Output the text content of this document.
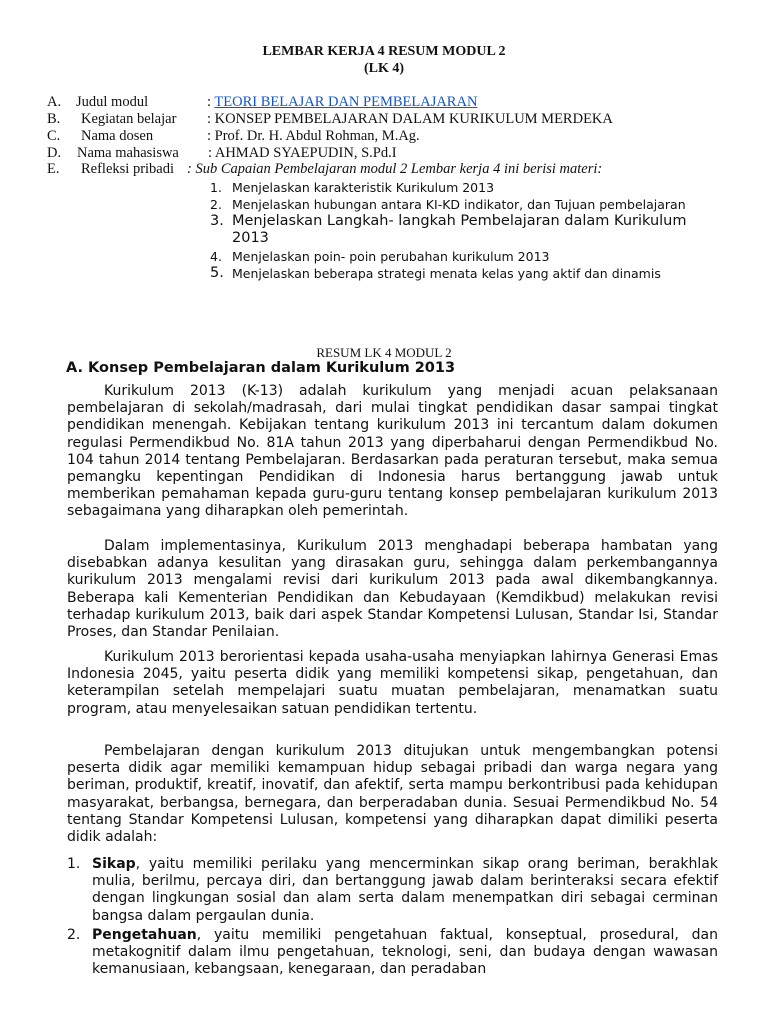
LEMBAR KERJA 4 RESUM MODUL 2
(LK 4)
A. Judul modul	: TEORI BELAJAR DAN PEMBELAJARAN
B. Kegiatan belajar : KONSEP PEMBELAJARAN DALAM KURIKULUM MERDEKA
C. Nama dosen	: Prof. Dr. H. Abdul Rohman, M.Ag.
D. Nama mahasiswa : AHMAD SYAEPUDIN, S.Pd.I
E. Refleksi pribadi : Sub Capaian Pembelajaran modul 2 Lembar kerja 4 ini berisi materi:
1. Menjelaskan karakteristik Kurikulum 2013
2. Menjelaskan hubungan antara KI-KD indikator, dan Tujuan pembelajaran
3. Menjelaskan Langkah- langkah Pembelajaran dalam Kurikulum 2013
4. Menjelaskan poin- poin perubahan kurikulum 2013
5. Menjelaskan beberapa strategi menata kelas yang aktif dan dinamis
RESUM LK 4 MODUL 2
A. Konsep Pembelajaran dalam Kurikulum 2013

Kurikulum 2013 (K-13) adalah kurikulum yang menjadi acuan pelaksanaan pembelajaran di sekolah/madrasah, dari mulai tingkat pendidikan dasar sampai tingkat pendidikan menengah. Kebijakan tentang kurikulum 2013 ini tercantum dalam dokumen regulasi Permendikbud No. 81A tahun 2013 yang diperbaharui dengan Permendikbud No. 104 tahun 2014 tentang Pembelajaran. Berdasarkan pada peraturan tersebut, maka semua pemangku kepentingan Pendidikan di Indonesia harus bertanggung jawab untuk memberikan pemahaman kepada guru-guru tentang konsep pembelajaran kurikulum 2013 sebagaimana yang diharapkan oleh pemerintah.

Dalam implementasinya, Kurikulum 2013 menghadapi beberapa hambatan yang disebabkan adanya kesulitan yang dirasakan guru, sehingga dalam perkembangannya kurikulum 2013 mengalami revisi dari kurikulum 2013 pada awal dikembangkannya. Beberapa kali Kementerian Pendidikan dan Kebudayaan (Kemdikbud) melakukan revisi terhadap kurikulum 2013, baik dari aspek Standar Kompetensi Lulusan, Standar Isi, Standar Proses, dan Standar Penilaian.

Kurikulum 2013 berorientasi kepada usaha-usaha menyiapkan lahirnya Generasi Emas Indonesia 2045, yaitu peserta didik yang memiliki kompetensi sikap, pengetahuan, dan keterampilan setelah mempelajari suatu muatan pembelajaran, menamatkan suatu program, atau menyelesaikan satuan pendidikan tertentu.

Pembelajaran dengan kurikulum 2013 ditujukan untuk mengembangkan potensi peserta didik agar memiliki kemampuan hidup sebagai pribadi dan warga negara yang beriman, produktif, kreatif, inovatif, dan afektif, serta mampu berkontribusi pada kehidupan masyarakat, berbangsa, bernegara, dan berperadaban dunia. Sesuai Permendikbud No. 54 tentang Standar Kompetensi Lulusan, kompetensi yang diharapkan dapat dimiliki peserta didik adalah:

1. Sikap, yaitu memiliki perilaku yang mencerminkan sikap orang beriman, berakhlak mulia, berilmu, percaya diri, dan bertanggung jawab dalam berinteraksi secara efektif dengan lingkungan sosial dan alam serta dalam menempatkan diri sebagai cerminan bangsa dalam pergaulan dunia.
2. Pengetahuan, yaitu memiliki pengetahuan faktual, konseptual, prosedural, dan metakognitif dalam ilmu pengetahuan, teknologi, seni, dan budaya dengan wawasan kemanusiaan, kebangsaan, kenegaraan, dan peradaban
